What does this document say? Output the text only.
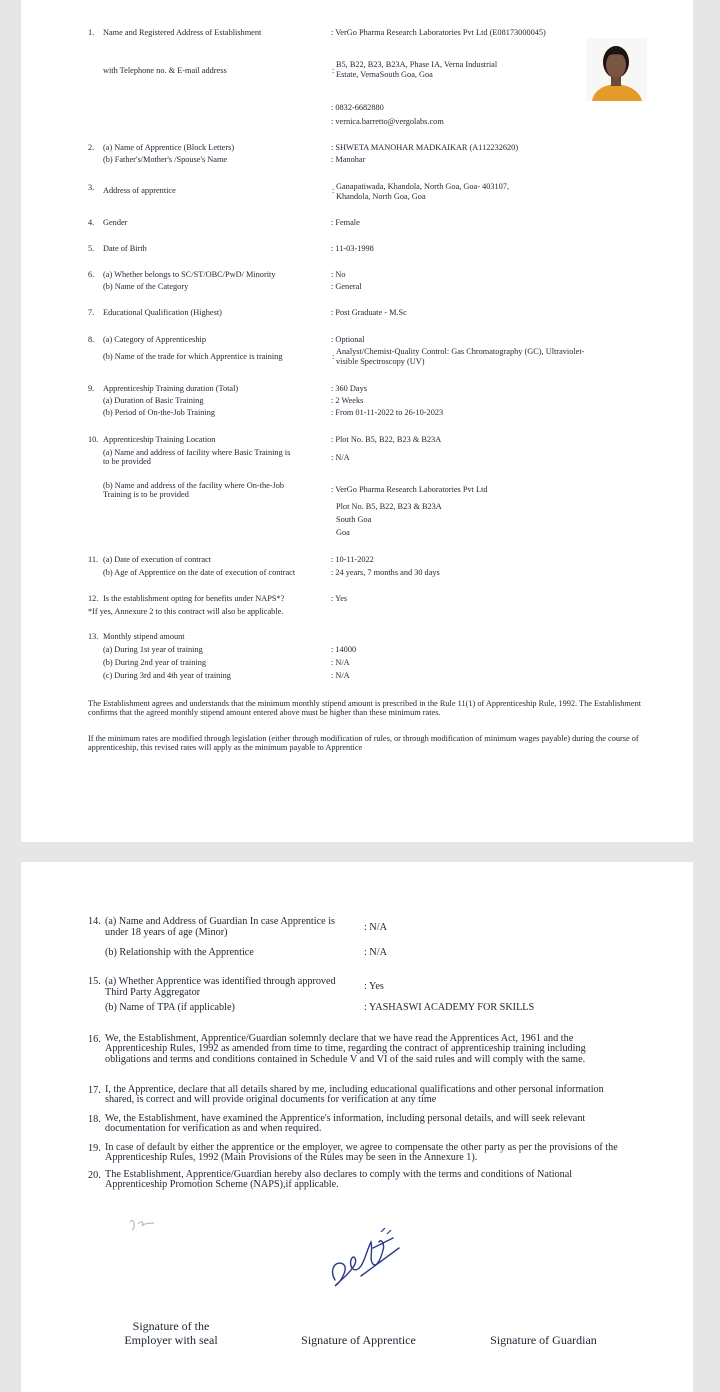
1. Name and Registered Address of Establishment	: VerGo Pharma Research Laboratories Pvt Ltd (E08173000045)
with Telephone no. & E-mail address	:
B5, B22, B23, B23A, Phase IA, Verna Industrial
Estate, VernaSouth Goa, Goa
: 0832-6682880
: vernica.barretto@vergolabs.com
2. (a) Name of Apprentice (Block Letters)	: SHWETA MANOHAR MADKAIKAR (A112232620)
(b) Father's/Mother's /Spouse's Name	: Manohar
3. Address of apprentice	: Ganapatiwada, Khandola, North Goa, Goa- 403107,
Khandola, North Goa, Goa
4. Gender	: Female
5. Date of Birth	: 11-03-1998
6. (a) Whether belongs to SC/ST/OBC/PwD/ Minority	: No
(b) Name of the Category	: General
7. Educational Qualification (Highest)	: Post Graduate - M.Sc
8. (a) Category of Apprenticeship	: Optional
(b) Name of the trade for which Apprentice is training	:
Analyst/Chemist-Quality Control: Gas Chromatography (GC), Ultraviolet-
visible Spectroscopy (UV)
9. Apprenticeship Training duration (Total)	: 360 Days
(a) Duration of Basic Training	: 2 Weeks
(b) Period of On-the-Job Training	: From 01-11-2022 to 26-10-2023
10. Apprenticeship Training Location	: Plot No. B5, B22, B23 & B23A
(a) Name and address of facility where Basic Training is
to be provided	: N/A
(b) Name and address of the facility where On-the-Job
Training is to be provided
: VerGo Pharma Research Laboratories Pvt Ltd
Plot No. B5, B22, B23 & B23A
South Goa
Goa
11. (a) Date of execution of contract	: 10-11-2022
(b) Age of Apprentice on the date of execution of contract	: 24 years, 7 months and 30 days
12. Is the establishment opting for benefits under NAPS*?	: Yes
*If yes, Annexure 2 to this contract will also be applicable.
13. Monthly stipend amount
(a) During 1st year of training	: 14000
(b) During 2nd year of training	: N/A
(c) During 3rd and 4th year of training	: N/A
The Establishment agrees and understands that the minimum monthly stipend amount is prescribed in the Rule 11(1) of Apprenticeship Rule, 1992. The Establishment confirms that the agreed monthly stipend amount entered above must be higher than these minimum rates.
If the minimum rates are modified through legislation (either through modification of rules, or through modification of minimum wages payable) during the course of apprenticeship, this revised rates will apply as the minimum payable to Apprentice
14. (a) Name and Address of Guardian In case Apprentice is
under 18 years of age (Minor)	: N/A
(b) Relationship with the Apprentice	: N/A
15. (a) Whether Apprentice was identified through approved
Third Party Aggregator
: Yes
(b) Name of TPA (if applicable)	: YASHASWI ACADEMY FOR SKILLS
16. We, the Establishment, Apprentice/Guardian solemnly declare that we have read the Apprentices Act, 1961 and the Apprenticeship Rules, 1992 as amended from time to time, regarding the contract of apprenticeship training including obligations and terms and conditions contained in Schedule V and VI of the said rules and will comply with the same.
17. I, the Apprentice, declare that all details shared by me, including educational qualifications and other personal information shared, is correct and will provide original documents for verification at any time
18. We, the Establishment, have examined the Apprentice's information, including personal details, and will seek relevant documentation for verification as and when required.
19. In case of default by either the apprentice or the employer, we agree to compensate the other party as per the provisions of the Apprenticeship Rules, 1992 (Main Provisions of the Rules may be seen in the Annexure 1).
20. The Establishment, Apprentice/Guardian hereby also declares to comply with the terms and conditions of National Apprenticeship Promotion Scheme (NAPS),if applicable.
Signature of the
Employer with seal	Signature of Apprentice	Signature of Guardian
